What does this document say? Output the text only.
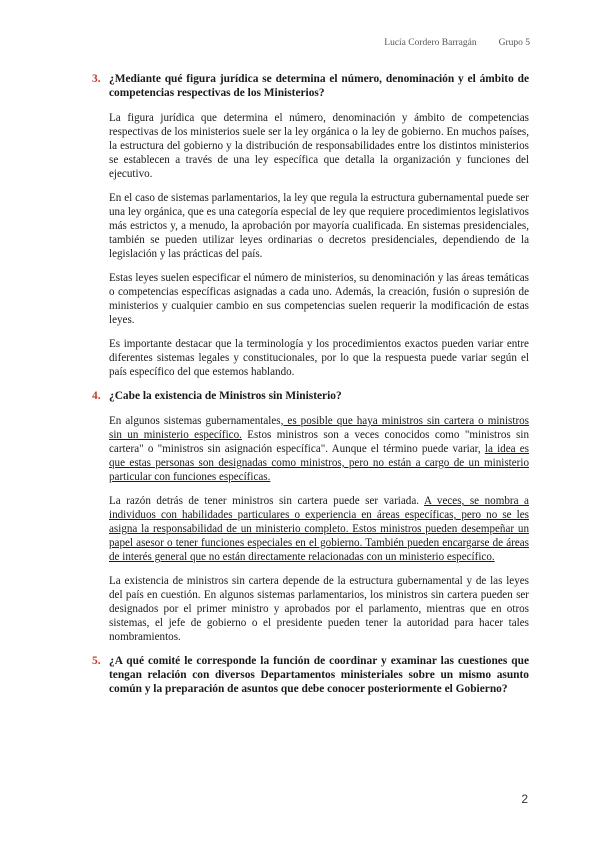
Lucía Cordero Barragán Grupo 5
3. ¿Mediante qué figura jurídica se determina el número, denominación y el ámbito de competencias respectivas de los Ministerios?

La figura jurídica que determina el número, denominación y ámbito de competencias respectivas de los ministerios suele ser la ley orgánica o la ley de gobierno. En muchos países, la estructura del gobierno y la distribución de responsabilidades entre los distintos ministerios se establecen a través de una ley específica que detalla la organización y funciones del ejecutivo.

En el caso de sistemas parlamentarios, la ley que regula la estructura gubernamental puede ser una ley orgánica, que es una categoría especial de ley que requiere procedimientos legislativos más estrictos y, a menudo, la aprobación por mayoría cualificada. En sistemas presidenciales, también se pueden utilizar leyes ordinarias o decretos presidenciales, dependiendo de la legislación y las prácticas del país.

Estas leyes suelen especificar el número de ministerios, su denominación y las áreas temáticas o competencias específicas asignadas a cada uno. Además, la creación, fusión o supresión de ministerios y cualquier cambio en sus competencias suelen requerir la modificación de estas leyes.

Es importante destacar que la terminología y los procedimientos exactos pueden variar entre diferentes sistemas legales y constitucionales, por lo que la respuesta puede variar según el país específico del que estemos hablando.

4. ¿Cabe la existencia de Ministros sin Ministerio?

En algunos sistemas gubernamentales, es posible que haya ministros sin cartera o ministros sin un ministerio específico. Estos ministros son a veces conocidos como "ministros sin cartera" o "ministros sin asignación específica". Aunque el término puede variar, la idea es que estas personas son designadas como ministros, pero no están a cargo de un ministerio particular con funciones específicas.

La razón detrás de tener ministros sin cartera puede ser variada. A veces, se nombra a individuos con habilidades particulares o experiencia en áreas específicas, pero no se les asigna la responsabilidad de un ministerio completo. Estos ministros pueden desempeñar un papel asesor o tener funciones especiales en el gobierno. También pueden encargarse de áreas de interés general que no están directamente relacionadas con un ministerio específico.

La existencia de ministros sin cartera depende de la estructura gubernamental y de las leyes del país en cuestión. En algunos sistemas parlamentarios, los ministros sin cartera pueden ser designados por el primer ministro y aprobados por el parlamento, mientras que en otros sistemas, el jefe de gobierno o el presidente pueden tener la autoridad para hacer tales nombramientos.

5. ¿A qué comité le corresponde la función de coordinar y examinar las cuestiones que tengan relación con diversos Departamentos ministeriales sobre un mismo asunto común y la preparación de asuntos que debe conocer posteriormente el Gobierno?
2
